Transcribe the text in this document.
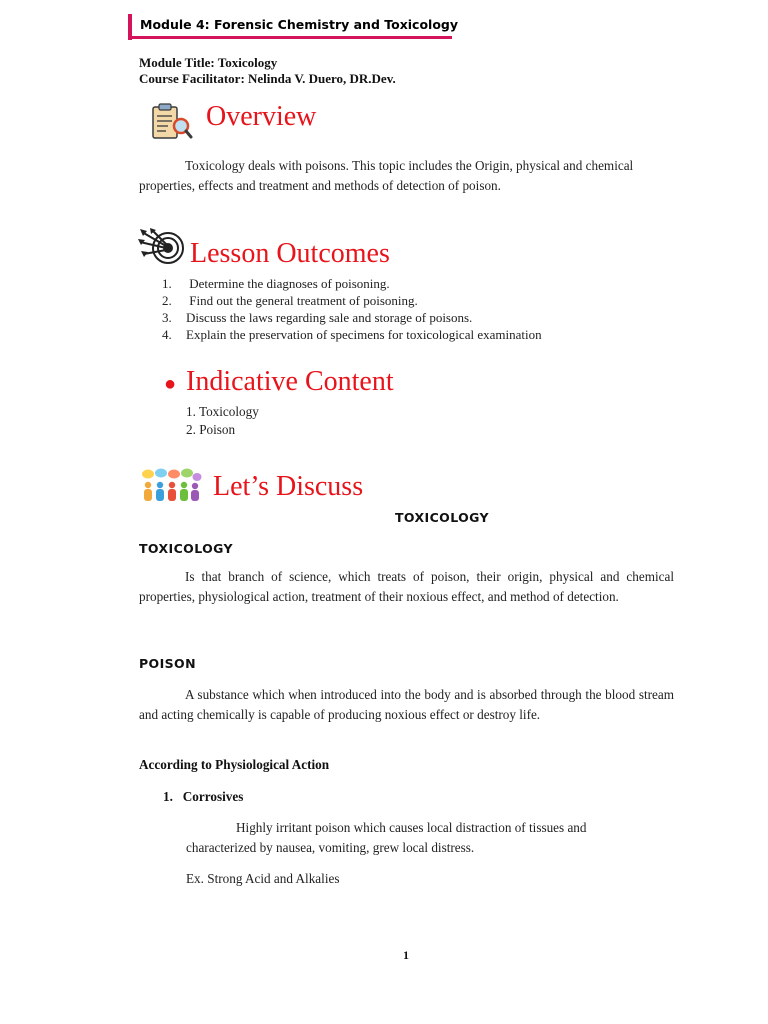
Module 4: Forensic Chemistry and Toxicology
Module Title: Toxicology
Course Facilitator: Nelinda V. Duero, DR.Dev.
Overview
Toxicology deals with poisons. This topic includes the Origin, physical and chemical properties, effects and treatment and methods of detection of poison.
Lesson Outcomes
1. Determine the diagnoses of poisoning.
2. Find out the general treatment of poisoning.
3. Discuss the laws regarding sale and storage of poisons.
4. Explain the preservation of specimens for toxicological examination
● Indicative Content
1. Toxicology
2. Poison
Let’s Discuss
TOXICOLOGY
TOXICOLOGY
Is that branch of science, which treats of poison, their origin, physical and chemical properties, physiological action, treatment of their noxious effect, and method of detection.
POISON
A substance which when introduced into the body and is absorbed through the blood stream and acting chemically is capable of producing noxious effect or destroy life.
According to Physiological Action
1.   Corrosives
Highly irritant poison which causes local distraction of tissues and characterized by nausea, vomiting, grew local distress.
Ex. Strong Acid and Alkalies
1
